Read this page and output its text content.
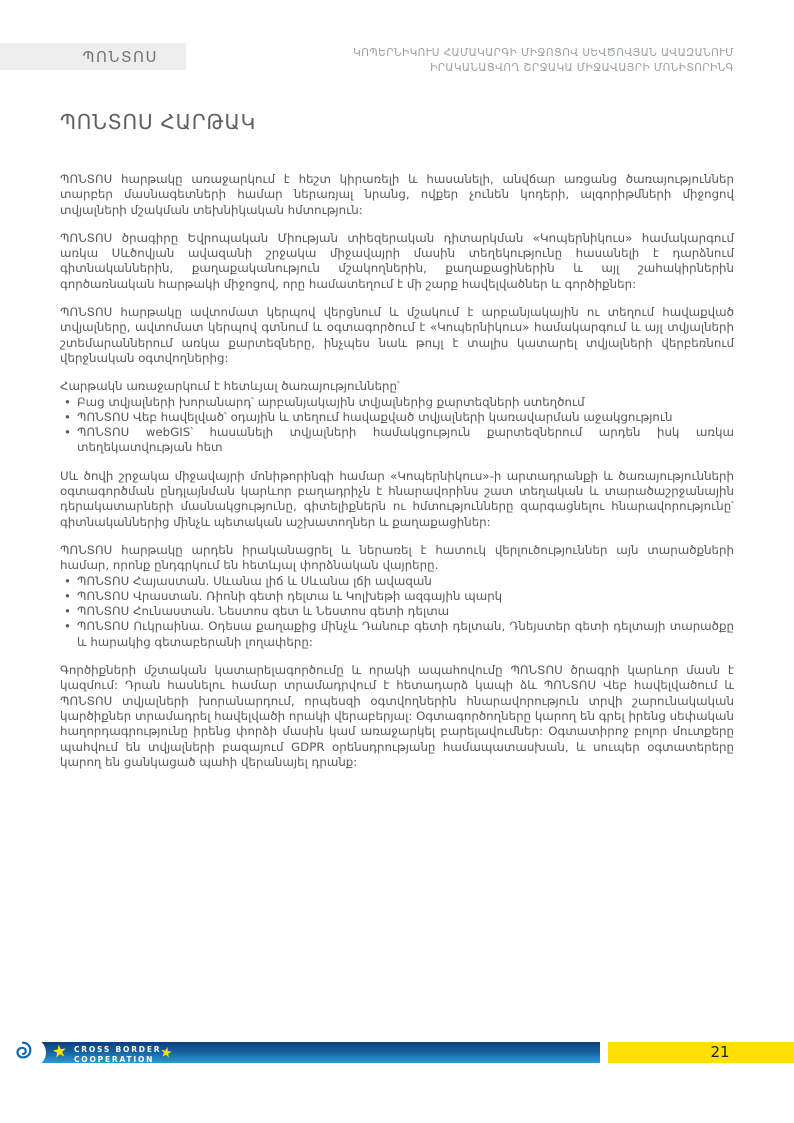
ՊՈՆՏՈՍ	ԿՈՊԵՐՆԻԿՈՒՍ ՀԱՄԱԿԱՐԳԻ ՄԻՋՈՑՈՎ ՍԵՎԾՈՎՅԱՆ ԱՎԱԶԱՆՈՒՄ
ԻՐԱԿԱՆԱՑՎՈՂ ՇՐՋԱԿԱ ՄԻՋԱՎԱՅՐԻ ՄՈՆԻՏՈՐԻՆԳ
ՊՈՆՏՈՍ ՀԱՐԹԱԿ

ՊՈՆՏՈՍ հարթակը առաջարկում է հեշտ կիրառելի և հասանելի, անվճար առցանց ծառայություններ տարբեր մասնագետների համար ներառյալ նրանց, ովքեր չունեն կոդերի, ալգորիթմների միջոցով տվյալների մշակման տեխնիկական հմտություն:

ՊՈՆՏՈՍ ծրագիրը Եվրոպական Միության տիեզերական դիտարկման «Կոպերնիկուս» համակարգում առկա Սևծովյան ավազանի շրջակա միջավայրի մասին տեղեկությունը հասանելի է դարձնում գիտնականներին, քաղաքականություն մշակողներին, քաղաքացիներին և այլ շահակիրներին գործառնական հարթակի միջոցով, որը համատեղում է մի շարք հավելվածներ և գործիքներ:

ՊՈՆՏՈՍ հարթակը ավտոմատ կերպով վերցնում և մշակում է արբանյակային ու տեղում հավաքված տվյալները, ավտոմատ կերպով գտնում և օգտագործում է «Կոպերնիկուս» համակարգում և այլ տվյալների շտեմարաններում առկա քարտեզները, ինչպես նաև թույլ է տալիս կատարել տվյալների վերբեռնում վերջնական օգտվողներից:

Հարթակն առաջարկում է հետևյալ ծառայությունները՝

• Բաց տվյալների խորանարդ՝ արբանյակային տվյալներից քարտեզների ստեղծում
• ՊՈՆՏՈՍ Վեբ հավելված՝ օդային և տեղում հավաքված տվյալների կառավարման աջակցություն
• ՊՈՆՏՈՍ webGIS՝ հասանելի տվյալների համակցություն քարտեզներում արդեն իսկ առկա տեղեկատվության հետ

Սև ծովի շրջակա միջավայրի մոնիթորինգի համար «Կոպերնիկուս»-ի արտադրանքի և ծառայությունների օգտագործման ընդլայնման կարևոր բաղադրիչն է հնարավորինս շատ տեղական և տարածաշրջանային դերակատարների մասնակցությունը, գիտելիքներն ու հմտությունները զարգացնելու հնարավորությունը՝ գիտնականներից մինչև պետական աշխատողներ և քաղաքացիներ:

ՊՈՆՏՈՍ հարթակը արդեն իրականացրել և ներառել է հատուկ վերլուծություններ այն տարածքների համար, որոնք ընդգրկում են հետևյալ փորձնական վայրերը.

• ՊՈՆՏՈՍ Հայաստան. Սևանա լիճ և Սևանա լճի ավազան
• ՊՈՆՏՈՍ Վրաստան. Ռիոնի գետի դելտա և Կոլխեթի ազգային պարկ
• ՊՈՆՏՈՍ Հունաստան. Նեստոս գետ և Նեստոս գետի դելտա
• ՊՈՆՏՈՍ Ուկրաինա. Օդեսա քաղաքից մինչև Դանուբ գետի դելտան, Դնեյստեր գետի դելտայի տարածքը և հարակից գետաբերանի լողափերը:

Գործիքների մշտական կատարելագործումը և որակի ապահովումը ՊՈՆՏՈՍ ծրագրի կարևոր մասն է կազմում: Դրան հասնելու համար տրամադրվում է հետադարձ կապի ձև ՊՈՆՏՈՍ Վեբ հավելվածում և ՊՈՆՏՈՍ տվյալների խորանարդում, որպեսզի օգտվողներին հնարավորություն տրվի շարունակական կարծիքներ տրամադրել հավելվածի որակի վերաբերյալ: Օգտագործողները կարող են գրել իրենց սեփական հաղորդագրությունը իրենց փորձի մասին կամ առաջարկել բարելավումներ: Օգտատիրոջ բոլոր մուտքերը պահվում են տվյալների բազայում GDPR օրենսդրությանը համապատասխան, և սուպեր օգտատերերը կարող են ցանկացած պահի վերանայել դրանք:

★ CROSS BORDER
COOPERATION ★	21
